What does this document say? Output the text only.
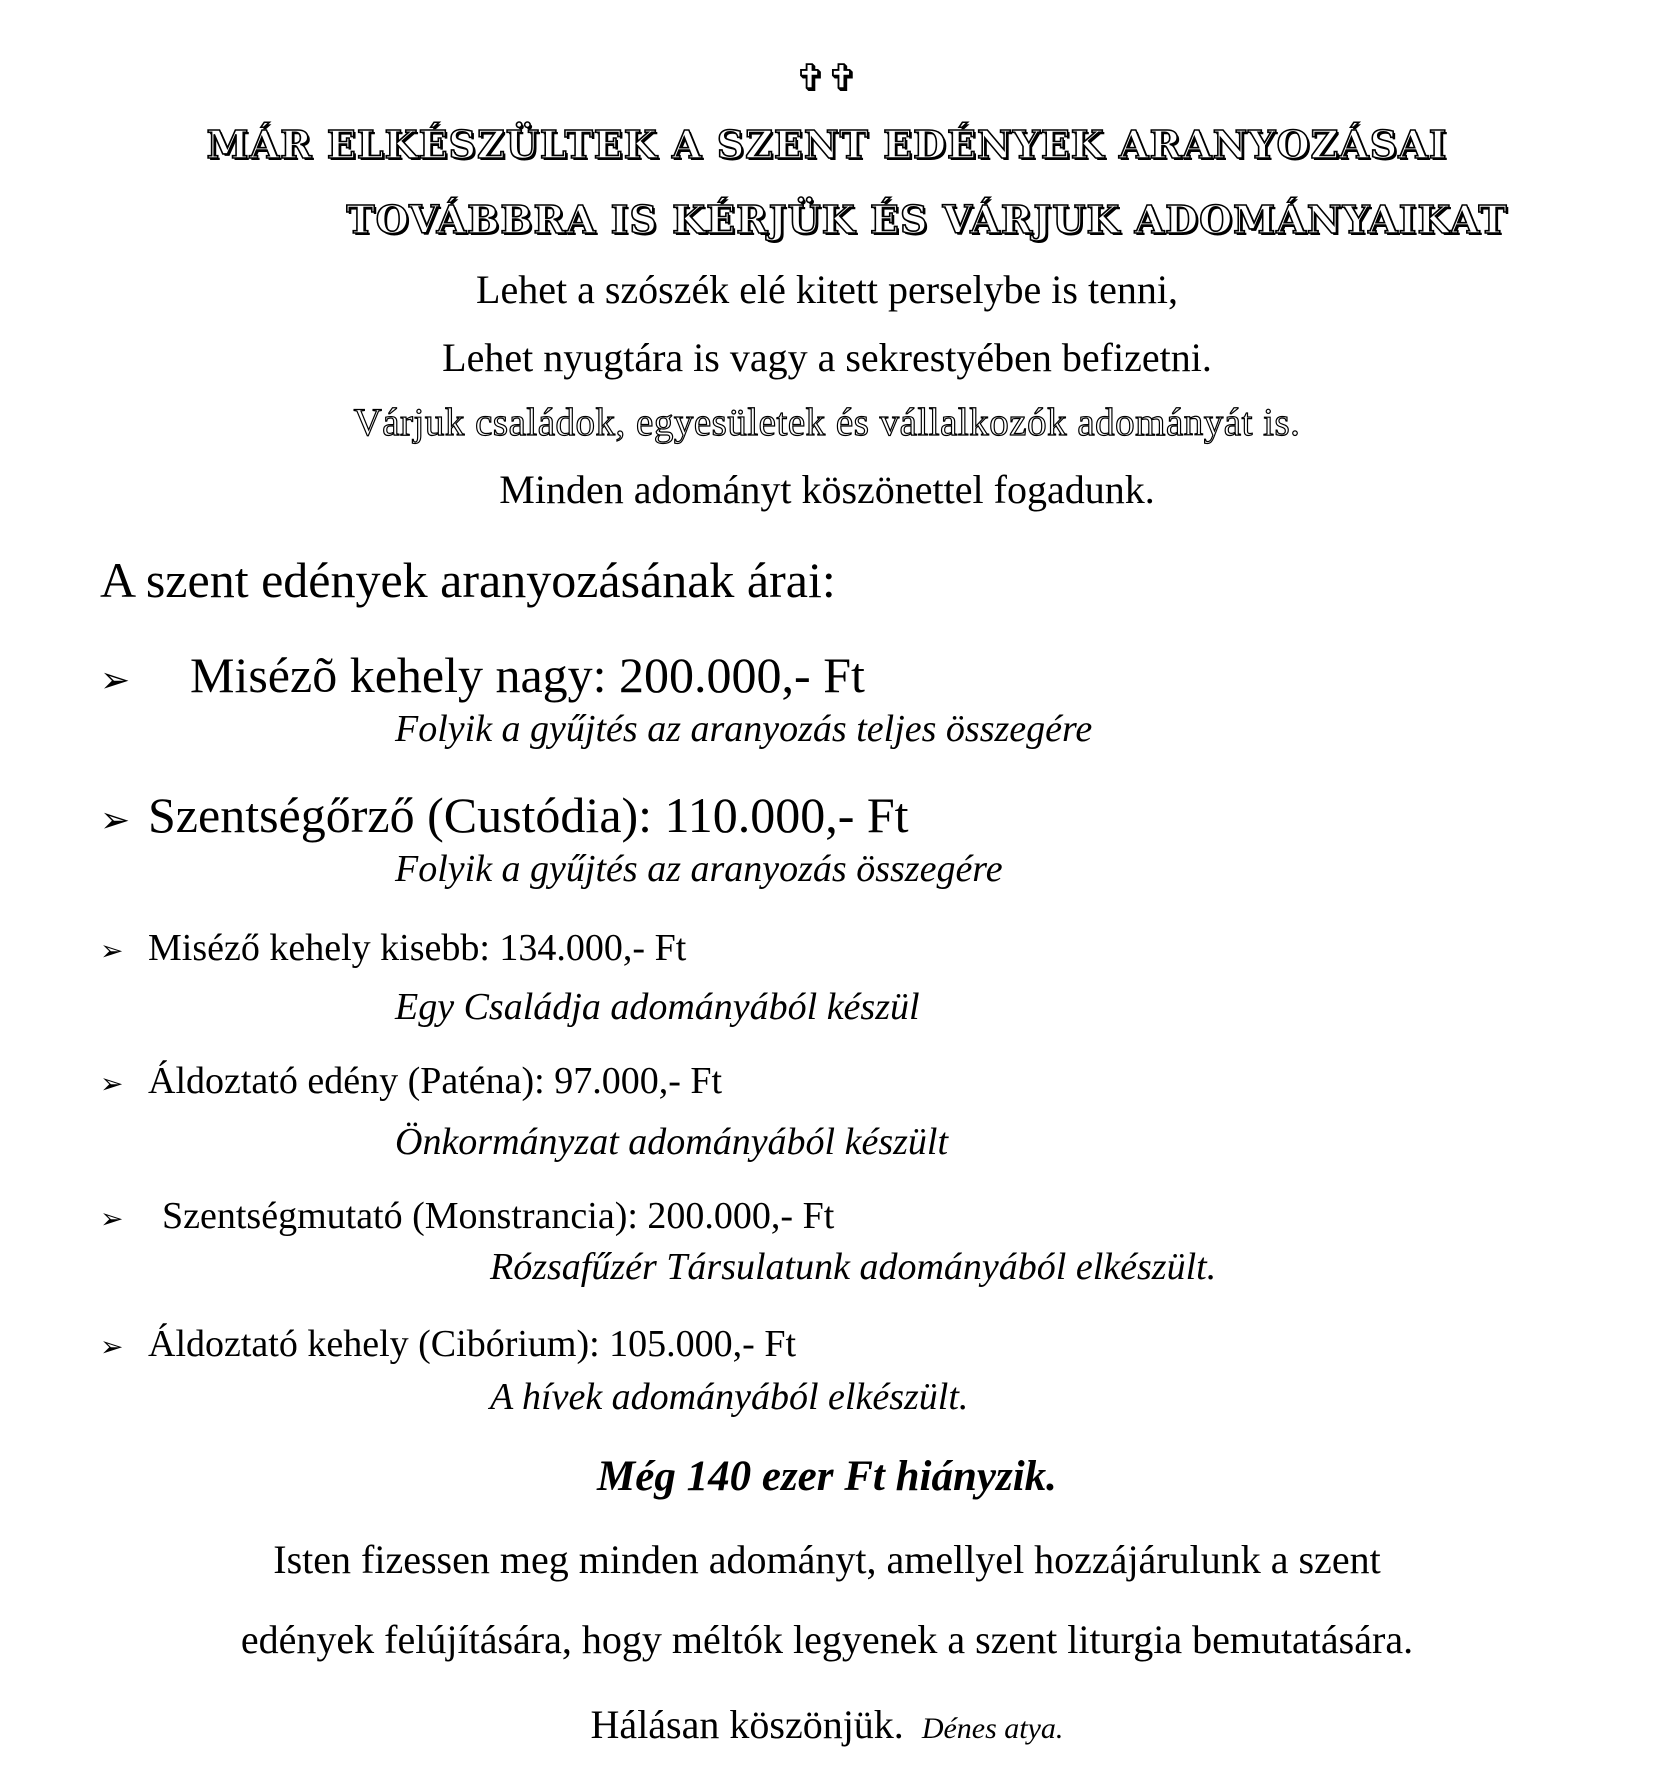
✞✞
MÁR ELKÉSZÜLTEK A SZENT EDÉNYEK ARANYOZÁSAI
TOVÁBBRA IS KÉRJÜK ÉS VÁRJUK ADOMÁNYAIKAT
Lehet a szószék elé kitett perselybe is tenni,
Lehet nyugtára is vagy a sekrestyében befizetni.
Várjuk családok, egyesületek és vállalkozók adományát is.
Minden adományt köszönettel fogadunk.
A szent edények aranyozásának árai:
➢ Misézõ kehely nagy: 200.000,- Ft
Folyik a gyűjtés az aranyozás teljes összegére
➢ Szentségőrző (Custódia): 110.000,- Ft
Folyik a gyűjtés az aranyozás összegére
➢ Miséző kehely kisebb: 134.000,- Ft
Egy Családja adományából készül
➢ Áldoztató edény (Paténa): 97.000,- Ft
Önkormányzat adományából készült
➢ Szentségmutató (Monstrancia): 200.000,- Ft
Rózsafűzér Társulatunk adományából elkészült.
➢ Áldoztató kehely (Cibórium): 105.000,- Ft
A hívek adományából elkészült.
Még 140 ezer Ft hiányzik.
Isten fizessen meg minden adományt, amellyel hozzájárulunk a szent
edények felújítására, hogy méltók legyenek a szent liturgia bemutatására.
Hálásan köszönjük. Dénes atya.
